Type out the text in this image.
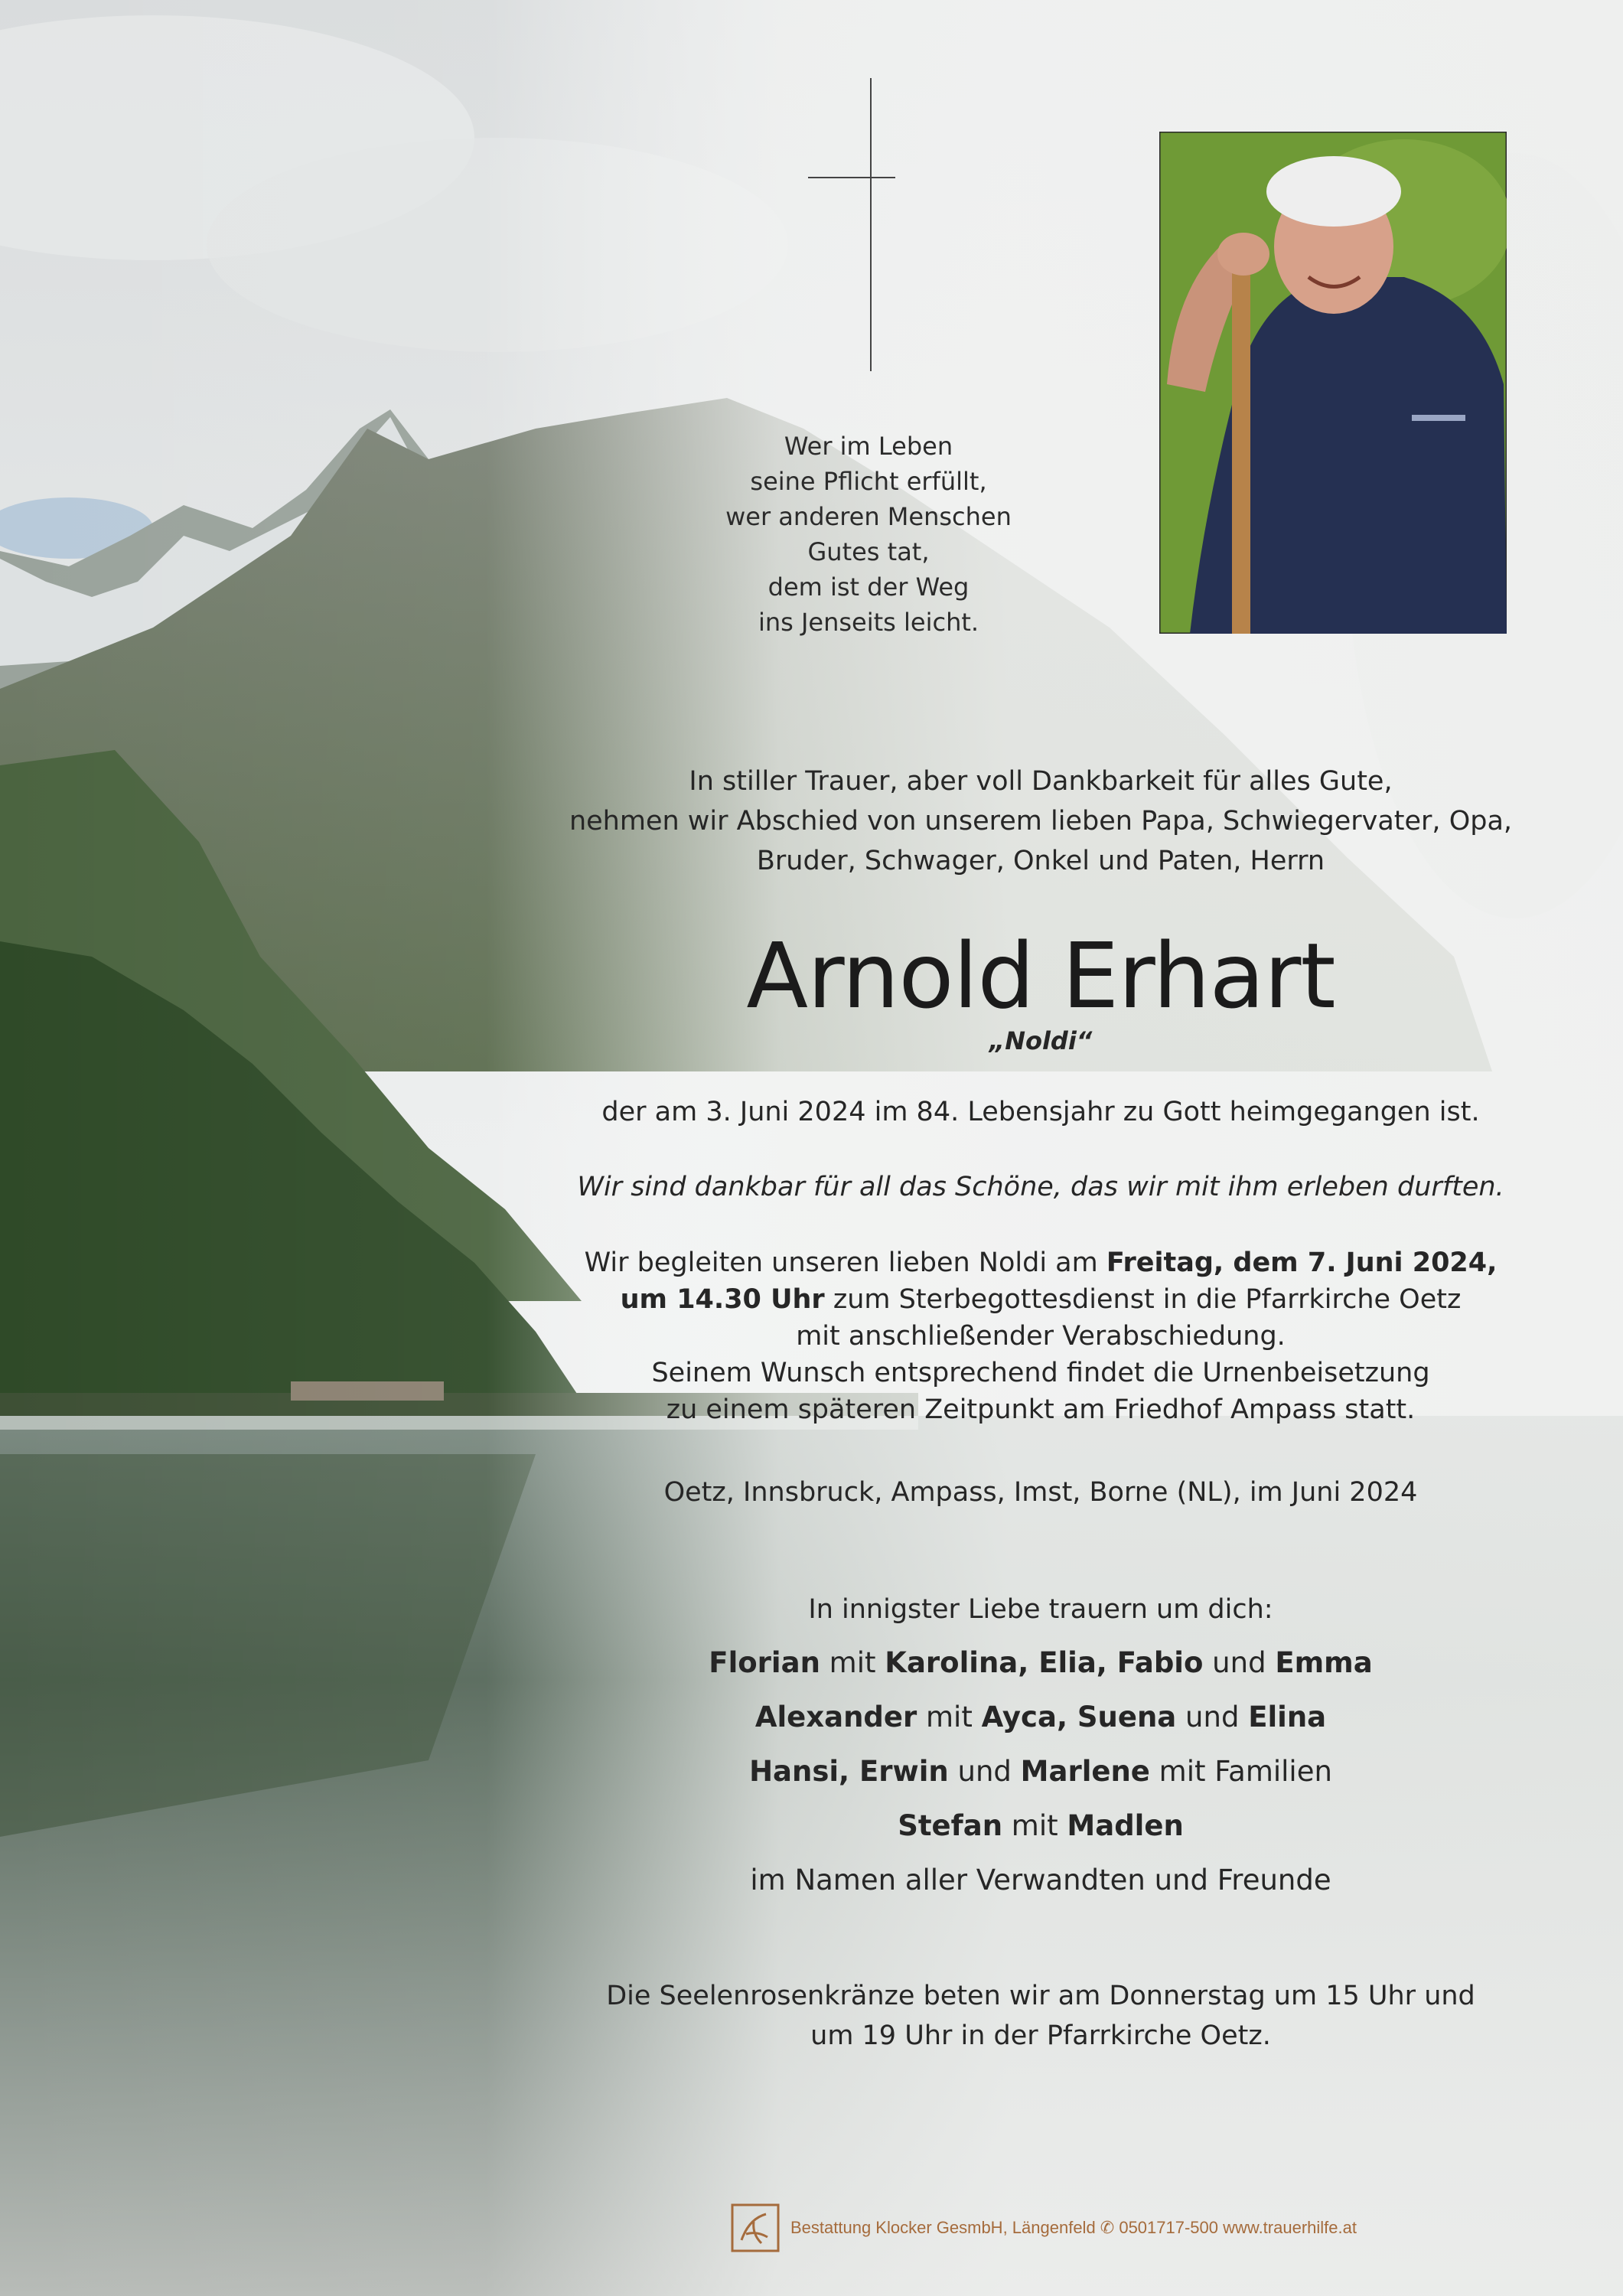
Wer im Leben
seine Pflicht erfüllt,
wer anderen Menschen
Gutes tat,
dem ist der Weg
ins Jenseits leicht.
In stiller Trauer, aber voll Dankbarkeit für alles Gute,
nehmen wir Abschied von unserem lieben Papa, Schwiegervater, Opa,
Bruder, Schwager, Onkel und Paten, Herrn
Arnold Erhart
„Noldi“
der am 3. Juni 2024 im 84. Lebensjahr zu Gott heimgegangen ist.
Wir sind dankbar für all das Schöne, das wir mit ihm erleben durften.
Wir begleiten unseren lieben Noldi am Freitag, dem 7. Juni 2024,
um 14.30 Uhr zum Sterbegottesdienst in die Pfarrkirche Oetz
mit anschließender Verabschiedung.
Seinem Wunsch entsprechend findet die Urnenbeisetzung
zu einem späteren Zeitpunkt am Friedhof Ampass statt.
Oetz, Innsbruck, Ampass, Imst, Borne (NL), im Juni 2024
In innigster Liebe trauern um dich:
Florian mit Karolina, Elia, Fabio und Emma
Alexander mit Ayca, Suena und Elina
Hansi, Erwin und Marlene mit Familien
Stefan mit Madlen
im Namen aller Verwandten und Freunde
Die Seelenrosenkränze beten wir am Donnerstag um 15 Uhr und
um 19 Uhr in der Pfarrkirche Oetz.
Bestattung Klocker GesmbH, Längenfeld ✆ 0501717-500 www.trauerhilfe.at
